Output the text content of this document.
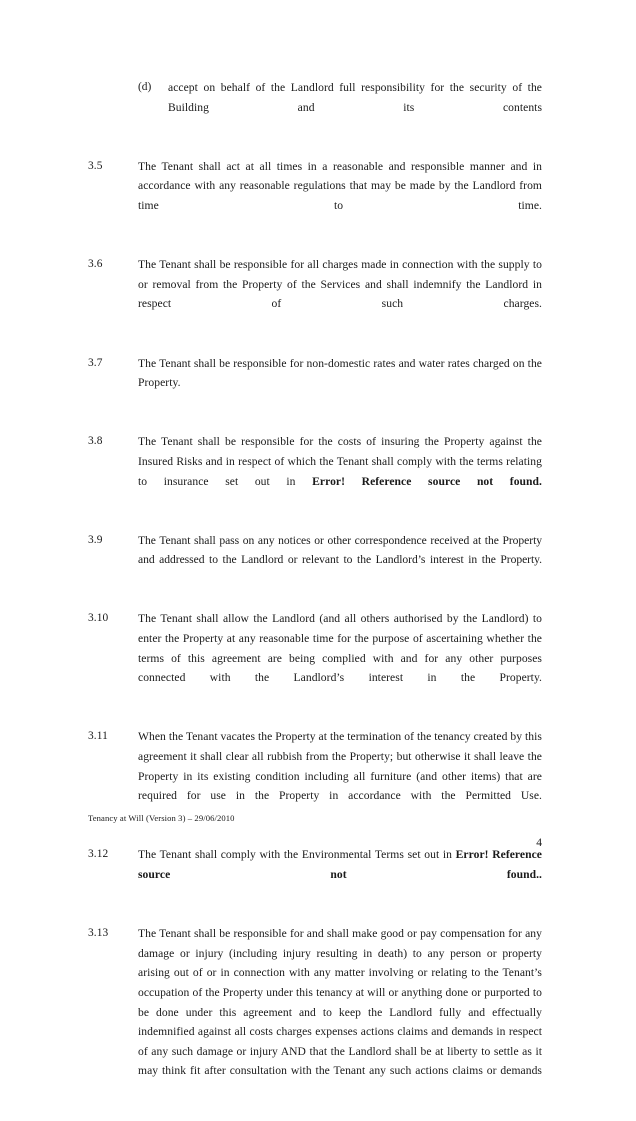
(d)	accept on behalf of the Landlord full responsibility for the security of the Building and its contents
3.5	The Tenant shall act at all times in a reasonable and responsible manner and in accordance with any reasonable regulations that may be made by the Landlord from time to time.
3.6	The Tenant shall be responsible for all charges made in connection with the supply to or removal from the Property of the Services and shall indemnify the Landlord in respect of such charges.
3.7	The Tenant shall be responsible for non-domestic rates and water rates charged on the Property.
3.8	The Tenant shall be responsible for the costs of insuring the Property against the Insured Risks and in respect of which the Tenant shall comply with the terms relating to insurance set out in Error! Reference source not found.
3.9	The Tenant shall pass on any notices or other correspondence received at the Property and addressed to the Landlord or relevant to the Landlord’s interest in the Property.
3.10	The Tenant shall allow the Landlord (and all others authorised by the Landlord) to enter the Property at any reasonable time for the purpose of ascertaining whether the terms of this agreement are being complied with and for any other purposes connected with the Landlord’s interest in the Property.
3.11	When the Tenant vacates the Property at the termination of the tenancy created by this agreement it shall clear all rubbish from the Property; but otherwise it shall leave the Property in its existing condition including all furniture (and other items) that are required for use in the Property in accordance with the Permitted Use.
3.12	The Tenant shall comply with the Environmental Terms set out in Error! Reference source not found..
3.13	The Tenant shall be responsible for and shall make good or pay compensation for any damage or injury (including injury resulting in death) to any person or property arising out of or in connection with any matter involving or relating to the Tenant’s occupation of the Property under this tenancy at will or anything done or purported to be done under this agreement and to keep the Landlord fully and effectually indemnified against all costs charges expenses actions claims and demands in respect of any such damage or injury AND that the Landlord shall be at liberty to settle as it may think fit after consultation with the Tenant any such actions claims or demands
Tenancy at Will (Version 3) – 29/06/2010
4
